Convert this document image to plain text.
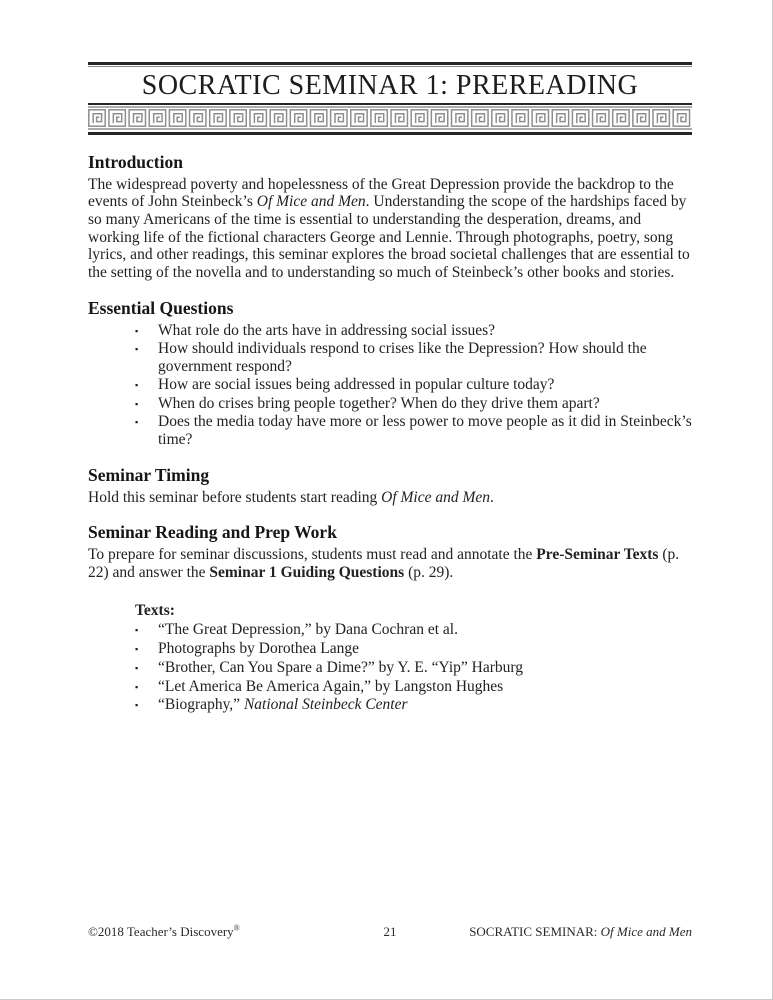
SOCRATIC SEMINAR 1: PREREADING
Introduction

The widespread poverty and hopelessness of the Great Depression provide the backdrop to the events of John Steinbeck’s Of Mice and Men. Understanding the scope of the hardships faced by so many Americans of the time is essential to understanding the desperation, dreams, and working life of the fictional characters George and Lennie. Through photographs, poetry, song lyrics, and other readings, this seminar explores the broad societal challenges that are essential to the setting of the novella and to understanding so much of Steinbeck’s other books and stories.

Essential Questions
▪	What role do the arts have in addressing social issues?
▪	How should individuals respond to crises like the Depression? How should the government respond?
▪	How are social issues being addressed in popular culture today?
▪	When do crises bring people together? When do they drive them apart?
▪	Does the media today have more or less power to move people as it did in Steinbeck’s time?
Seminar Timing

Hold this seminar before students start reading Of Mice and Men.

Seminar Reading and Prep Work

To prepare for seminar discussions, students must read and annotate the Pre-Seminar Texts (p. 22) and answer the Seminar 1 Guiding Questions (p. 29).

Texts:

▪	“The Great Depression,” by Dana Cochran et al.
▪	Photographs by Dorothea Lange
▪	“Brother, Can You Spare a Dime?” by Y. E. “Yip” Harburg
▪	“Let America Be America Again,” by Langston Hughes
▪	“Biography,” National Steinbeck Center
©2018 Teacher’s Discovery®	21	SOCRATIC SEMINAR: Of Mice and Men
